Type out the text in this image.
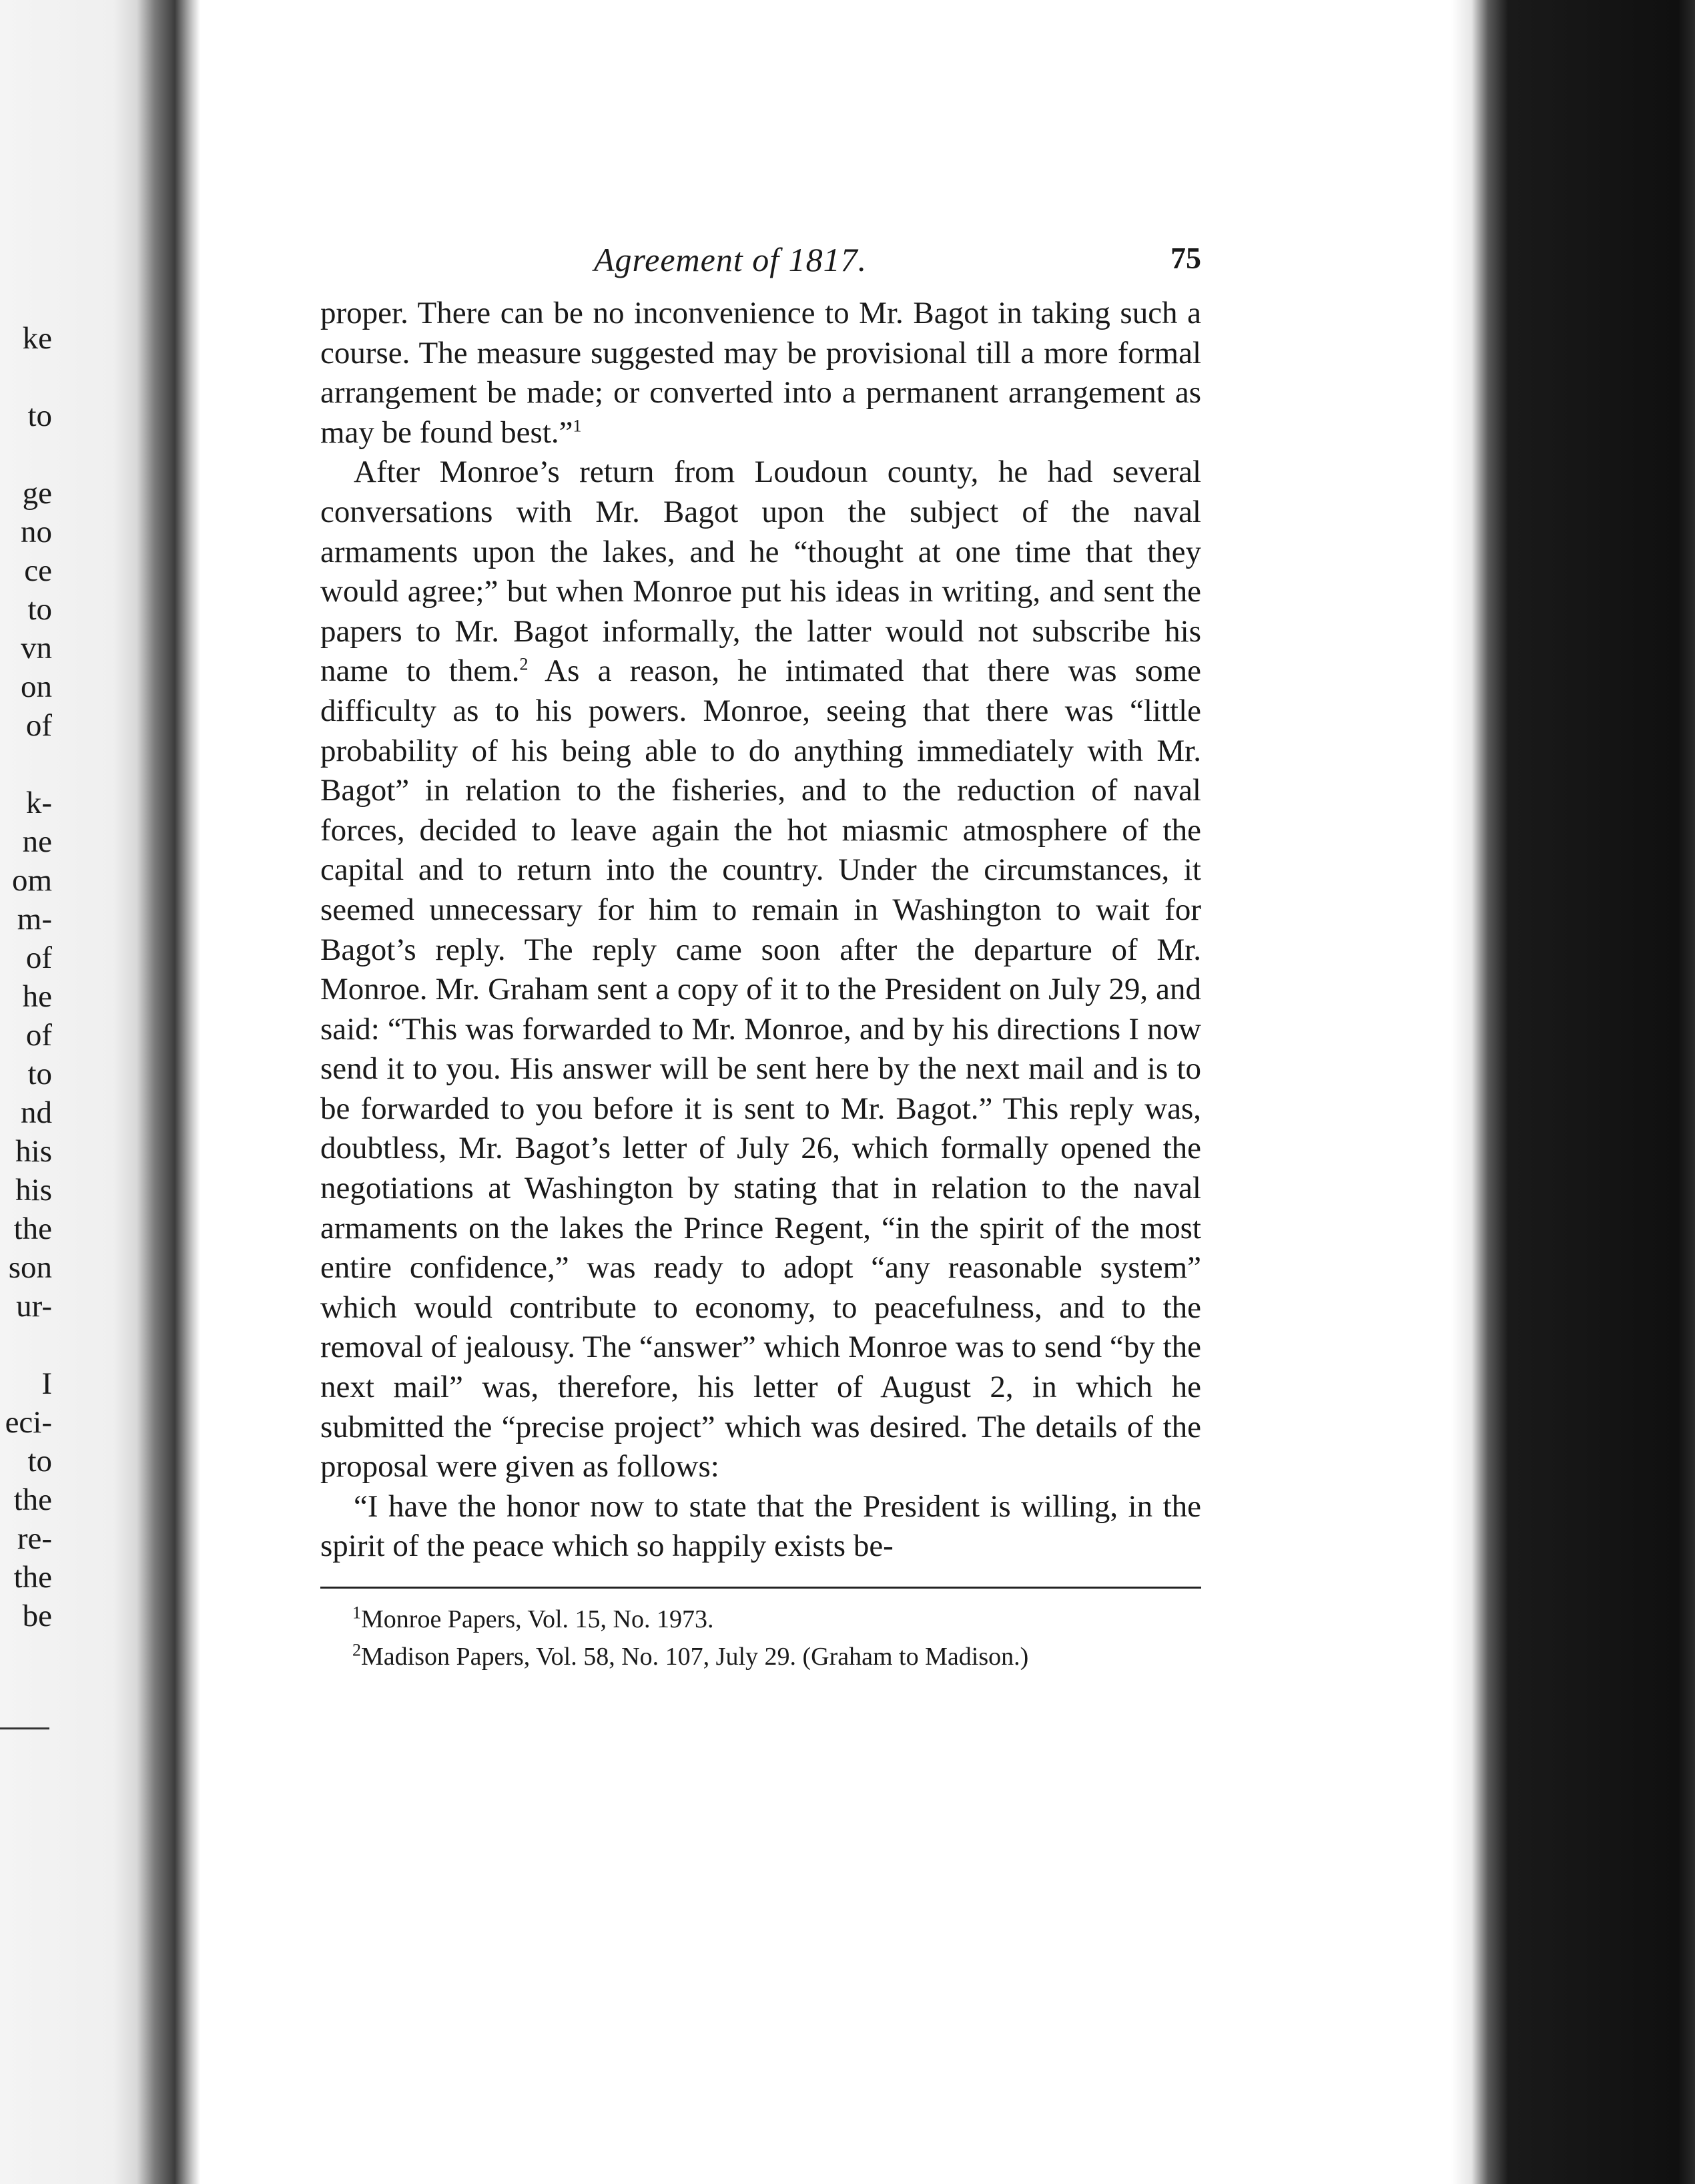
ke
to
ge
no
ce
to
vn
on
of
k-
ne
om
m-
of
he
of
to
nd
his
his
the
son
ur-
I
eci-
to
the
re-
the
be
Agreement of 1817.	75

proper. There can be no inconvenience to Mr. Bagot in taking such a course. The measure suggested may be provisional till a more formal arrangement be made; or converted into a permanent arrangement as may be found best.”$^1$

After Monroe’s return from Loudoun county, he had several conversations with Mr. Bagot upon the subject of the naval armaments upon the lakes, and he “thought at one time that they would agree;” but when Monroe put his ideas in writing, and sent the papers to Mr. Bagot informally, the latter would not subscribe his name to them.$^2$ As a reason, he intimated that there was some difficulty as to his powers. Monroe, seeing that there was “little probability of his being able to do anything immediately with Mr. Bagot” in relation to the fisheries, and to the reduction of naval forces, decided to leave again the hot miasmic atmosphere of the capital and to return into the country. Under the circumstances, it seemed unnecessary for him to remain in Washington to wait for Bagot’s reply. The reply came soon after the departure of Mr. Monroe. Mr. Graham sent a copy of it to the President on July 29, and said: “This was forwarded to Mr. Monroe, and by his directions I now send it to you. His answer will be sent here by the next mail and is to be forwarded to you before it is sent to Mr. Bagot.” This reply was, doubtless, Mr. Bagot’s letter of July 26, which formally opened the negotiations at Washington by stating that in relation to the naval armaments on the lakes the Prince Regent, “in the spirit of the most entire confidence,” was ready to adopt “any reasonable system” which would contribute to economy, to peacefulness, and to the removal of jealousy. The “answer” which Monroe was to send “by the next mail” was, therefore, his letter of August 2, in which he submitted the “precise project” which was desired. The details of the proposal were given as follows:

“I have the honor now to state that the President is willing, in the spirit of the peace which so happily exists be-

$^1$Monroe Papers, Vol. 15, No. 1973.
$^2$Madison Papers, Vol. 58, No. 107, July 29. (Graham to Madison.)
